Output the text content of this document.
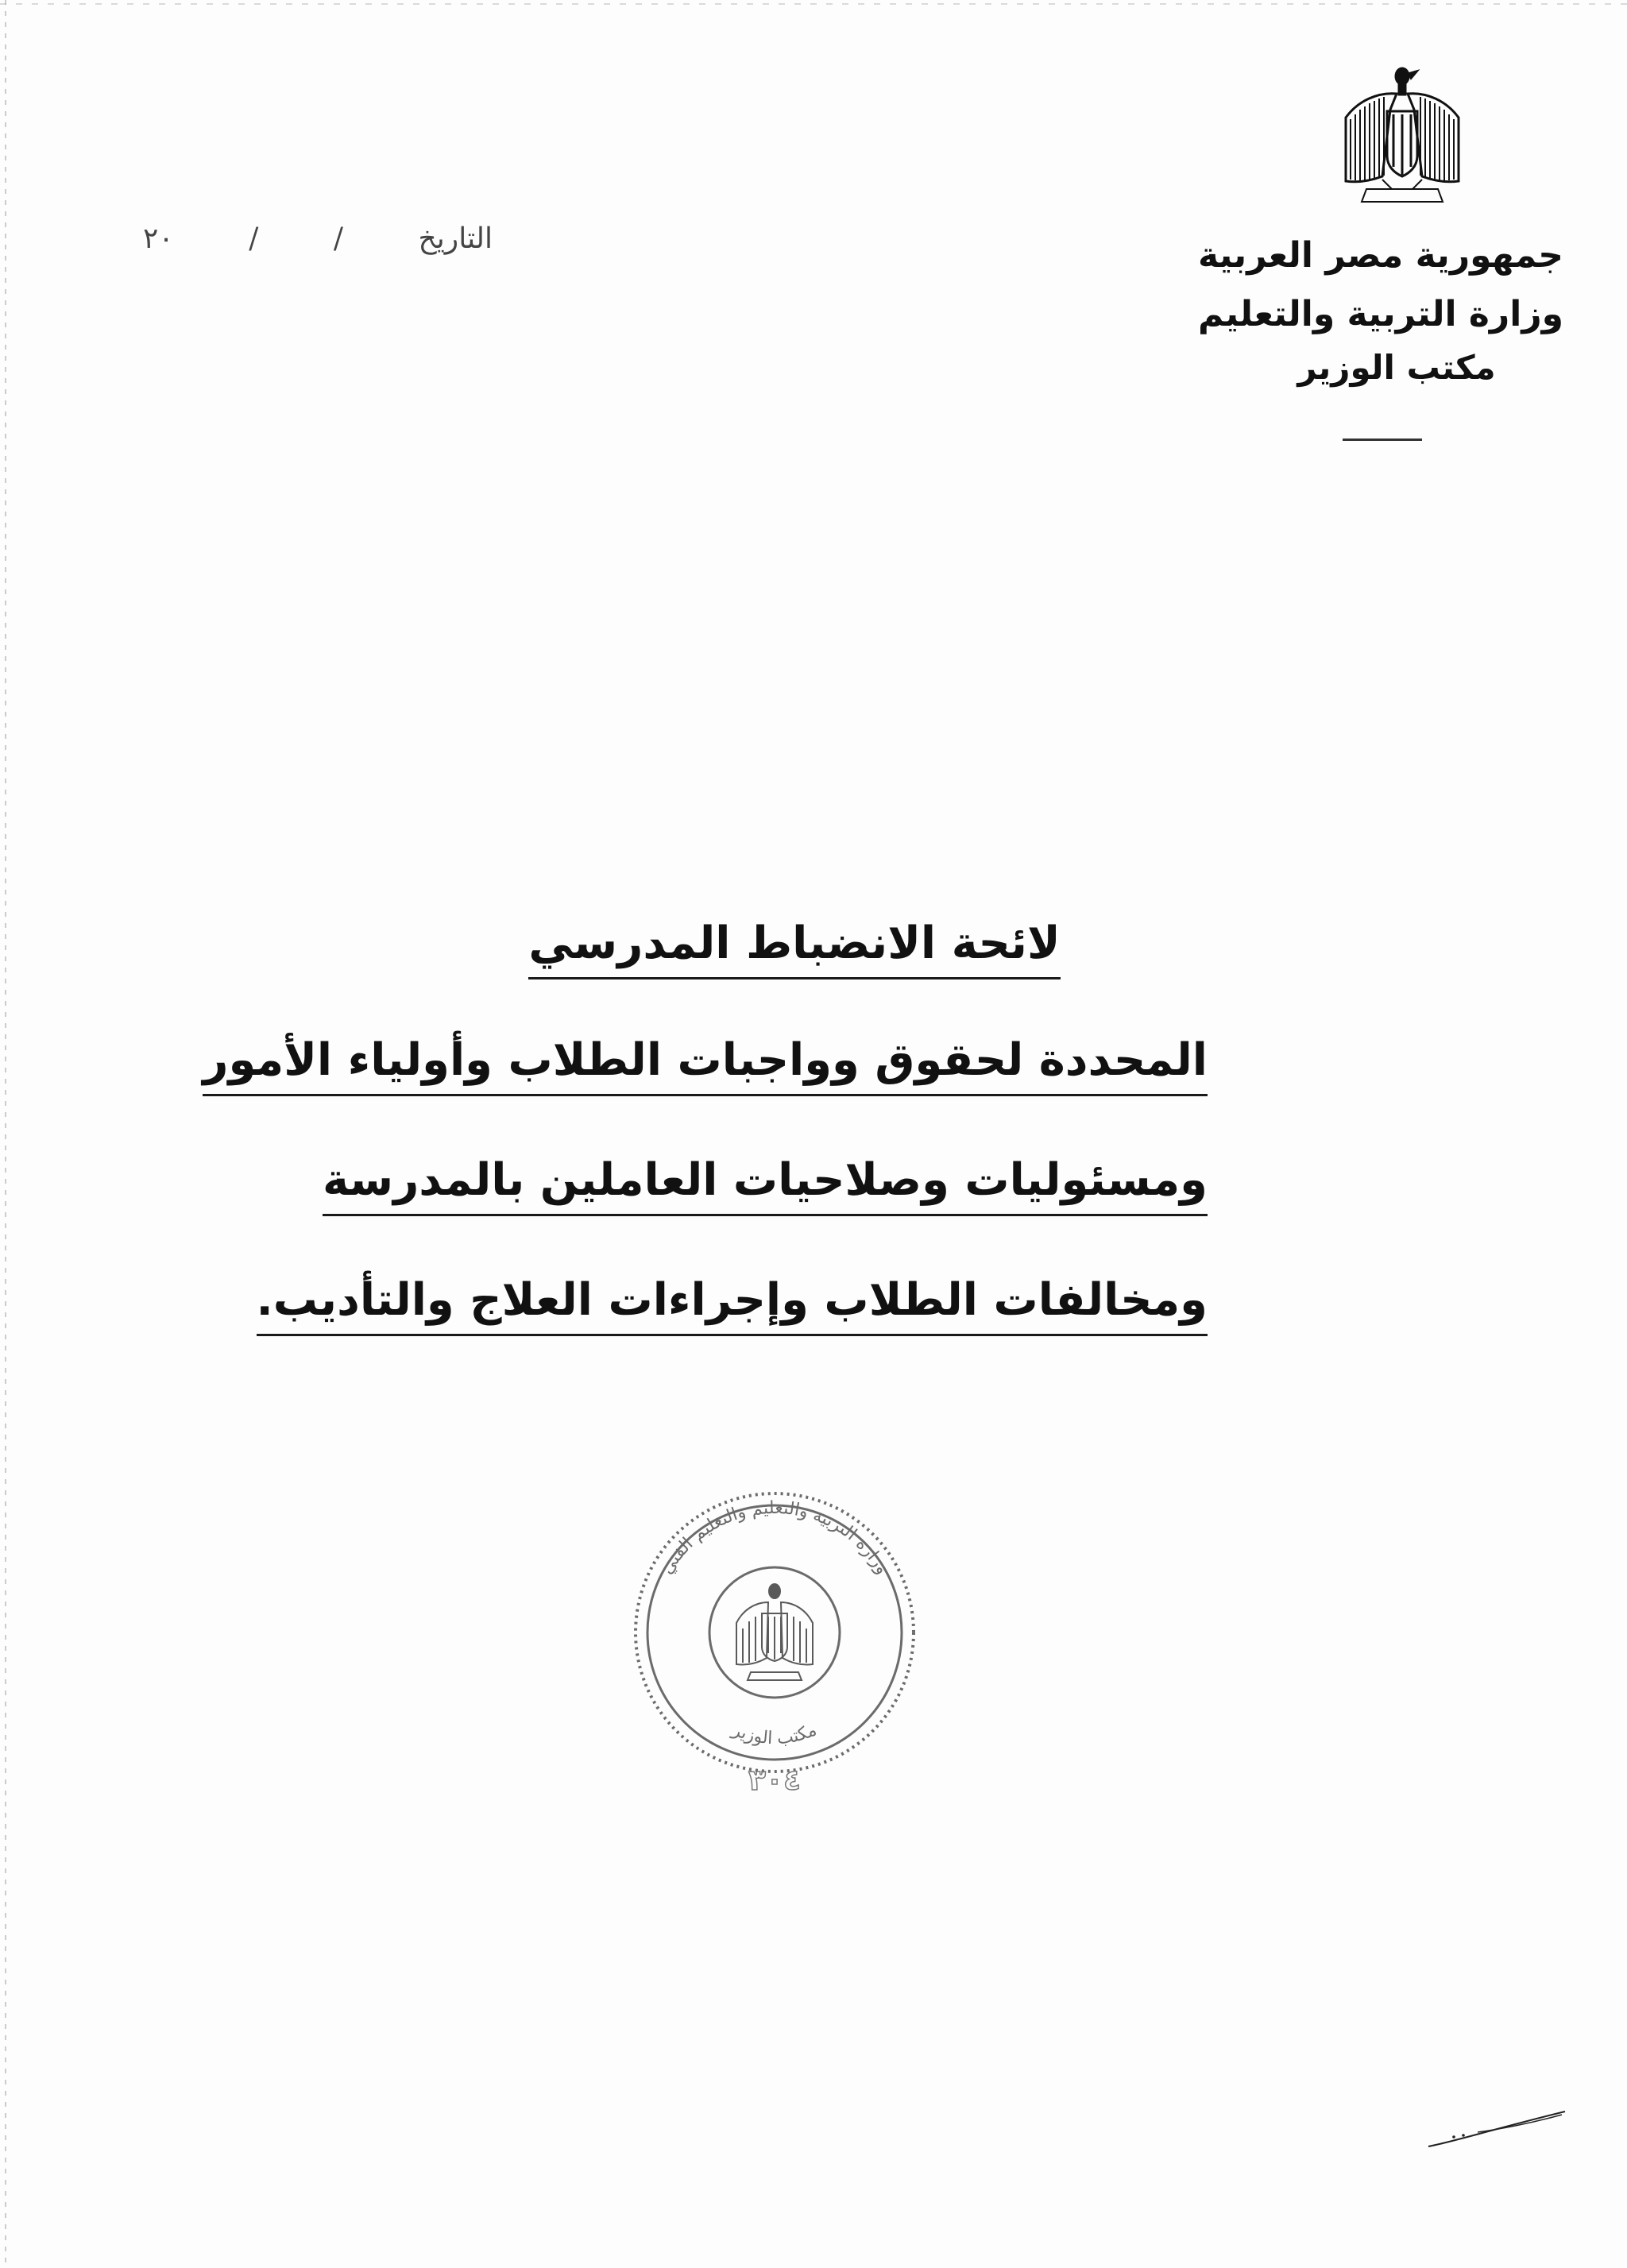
جمهورية مصر العربية
وزارة التربية والتعليم
مكتب الوزير
التاريخ
/
/
٢٠
لائحة الانضباط المدرسي
المحددة لحقوق وواجبات الطلاب وأولياء الأمور
ومسئوليات وصلاحيات العاملين بالمدرسة
ومخالفات الطلاب وإجراءات العلاج والتأديب.
وزارة التربية والتعليم والتعليم الفني
مكتب الوزير
٣٠٤
